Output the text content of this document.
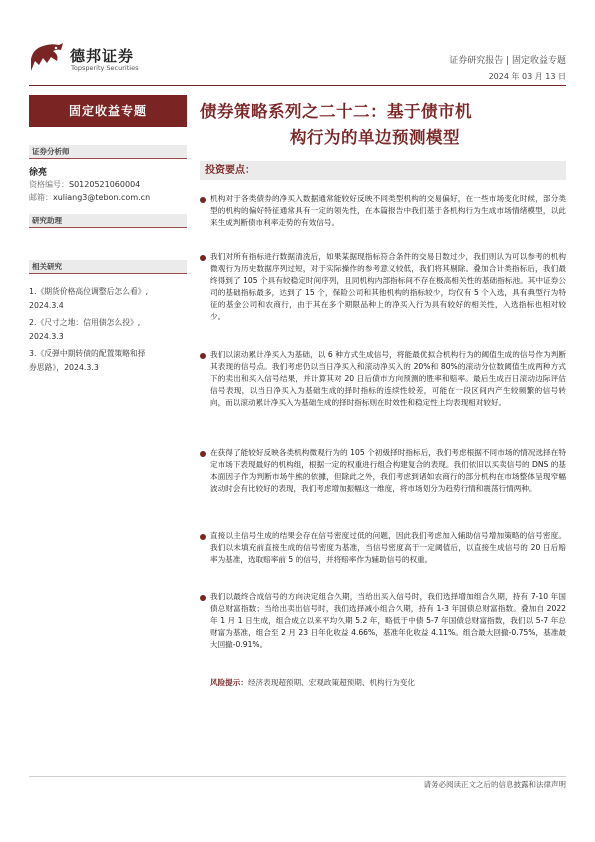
德邦证券
Topsperity Securities
证券研究报告 | 固定收益专题
2024 年 03 月 13 日
固定收益专题
证券分析师
徐亮
资格编号：S0120521060004
邮箱：xuliang3@tebon.com.cn
研究助理
相关研究
1.《期货价格高位调整后怎么看》,
2024.3.4
2.《尺寸之地：信用债怎么投》,
2024.3.3
3.《反弹中期转债的配置策略和择
券思路》，2024.3.3
债券策略系列之二十二：基于债市机
构行为的单边预测模型
投资要点：

机构对于各类债券的净买入数据通常能较好反映不同类型机构的交易偏好，在一些市场变化时候，部分类型的机构的偏好特征通常具有一定的领先性，在本篇报告中我们基于各机构行为生成市场情绪模型，以此来生成判断债市利率走势的有效信号。

我们对所有指标进行数据清洗后，如果某据现指标符合条件的交易日数过少，我们则认为可以参考的机构微观行为历史数据序列过短，对于实际操作的参考意义较低，我们将其剔除。叠加合计类指标后，我们最终得到了 105 个具有较稳定时间序列，且同机构内部指标间不存在极高相关性的基础指标池。其中证券公司的基础指标最多，达到了 15 个，保险公司和其他机构的指标较少，均仅有 5 个入选，具有典型行为特征的基金公司和农商行，由于其在多个期限品种上的净买入行为具有较好的相关性，入选指标也相对较少。

我们以滚动累计净买入为基础，以 6 种方式生成信号，将能最优拟合机构行为的阈值生成的信号作为判断其表现的信号点。我们考虑仍以当日净买入和滚动净买入的 20%和 80%的滚动分位数阈值生成两种方式下的卖出和买入信号结果，并计算其对 20 日后债市方向预测的胜率和赔率。最后生成百日滚动边际评估信号表现，以当日净买入为基础生成的择时指标的连续性较差，可能在一段区间内产生较频繁的信号转向，而以滚动累计净买入为基础生成的择时指标则在时效性和稳定性上均表现相对较好。

在获得了能较好反映各类机构微观行为的 105 个初級择时指标后，我们考虑根据不同市场的情况选择在特定市场下表现最好的机构组，根据一定的权重进行组合构建复合的表现。我们依旧以买卖信号的 DNS 的基本面因子作为判断市场牛熊的依據，但除此之外，我们考虑到诸如农商行的部分机构在市场整体呈现窄幅波动时会有比较好的表现，我们考虑增加振幅这一维度，将市场划分为趋势行情和震荡行情两种。

直接以主信号生成的结果会存在信号密度过低的问题，因此我们考虑加入辅助信号增加策略的信号密度。我们以未填充前直接生成的信号密度为基准，当信号密度高于一定阈值后，以直接生成信号的 20 日后赔率为基准，选取赔率前 5 的信号，并将赔率作为辅助信号的权重。

我们以最终合成信号的方向决定组合久期，当给出买入信号时，我们选择增加组合久期，持有 7-10 年国债总财富指数；当给出卖出信号时，我们选择减小组合久期，持有 1-3 年国债总财富指数。叠加自 2022 年 1 月 1 日生成，组合成立以来平均久期 5.2 年，略低于中债 5-7 年国债总财富指数，我们以 5-7 年总财富为基准，组合至 2 月 23 日年化收益 4.66%，基准年化收益 4.11%。组合最大回撤-0.75%，基准最大回撤-0.91%。

风险提示：经济表现超预期、宏观政策超预期、机构行为变化
请务必阅读正文之后的信息披露和法律声明
